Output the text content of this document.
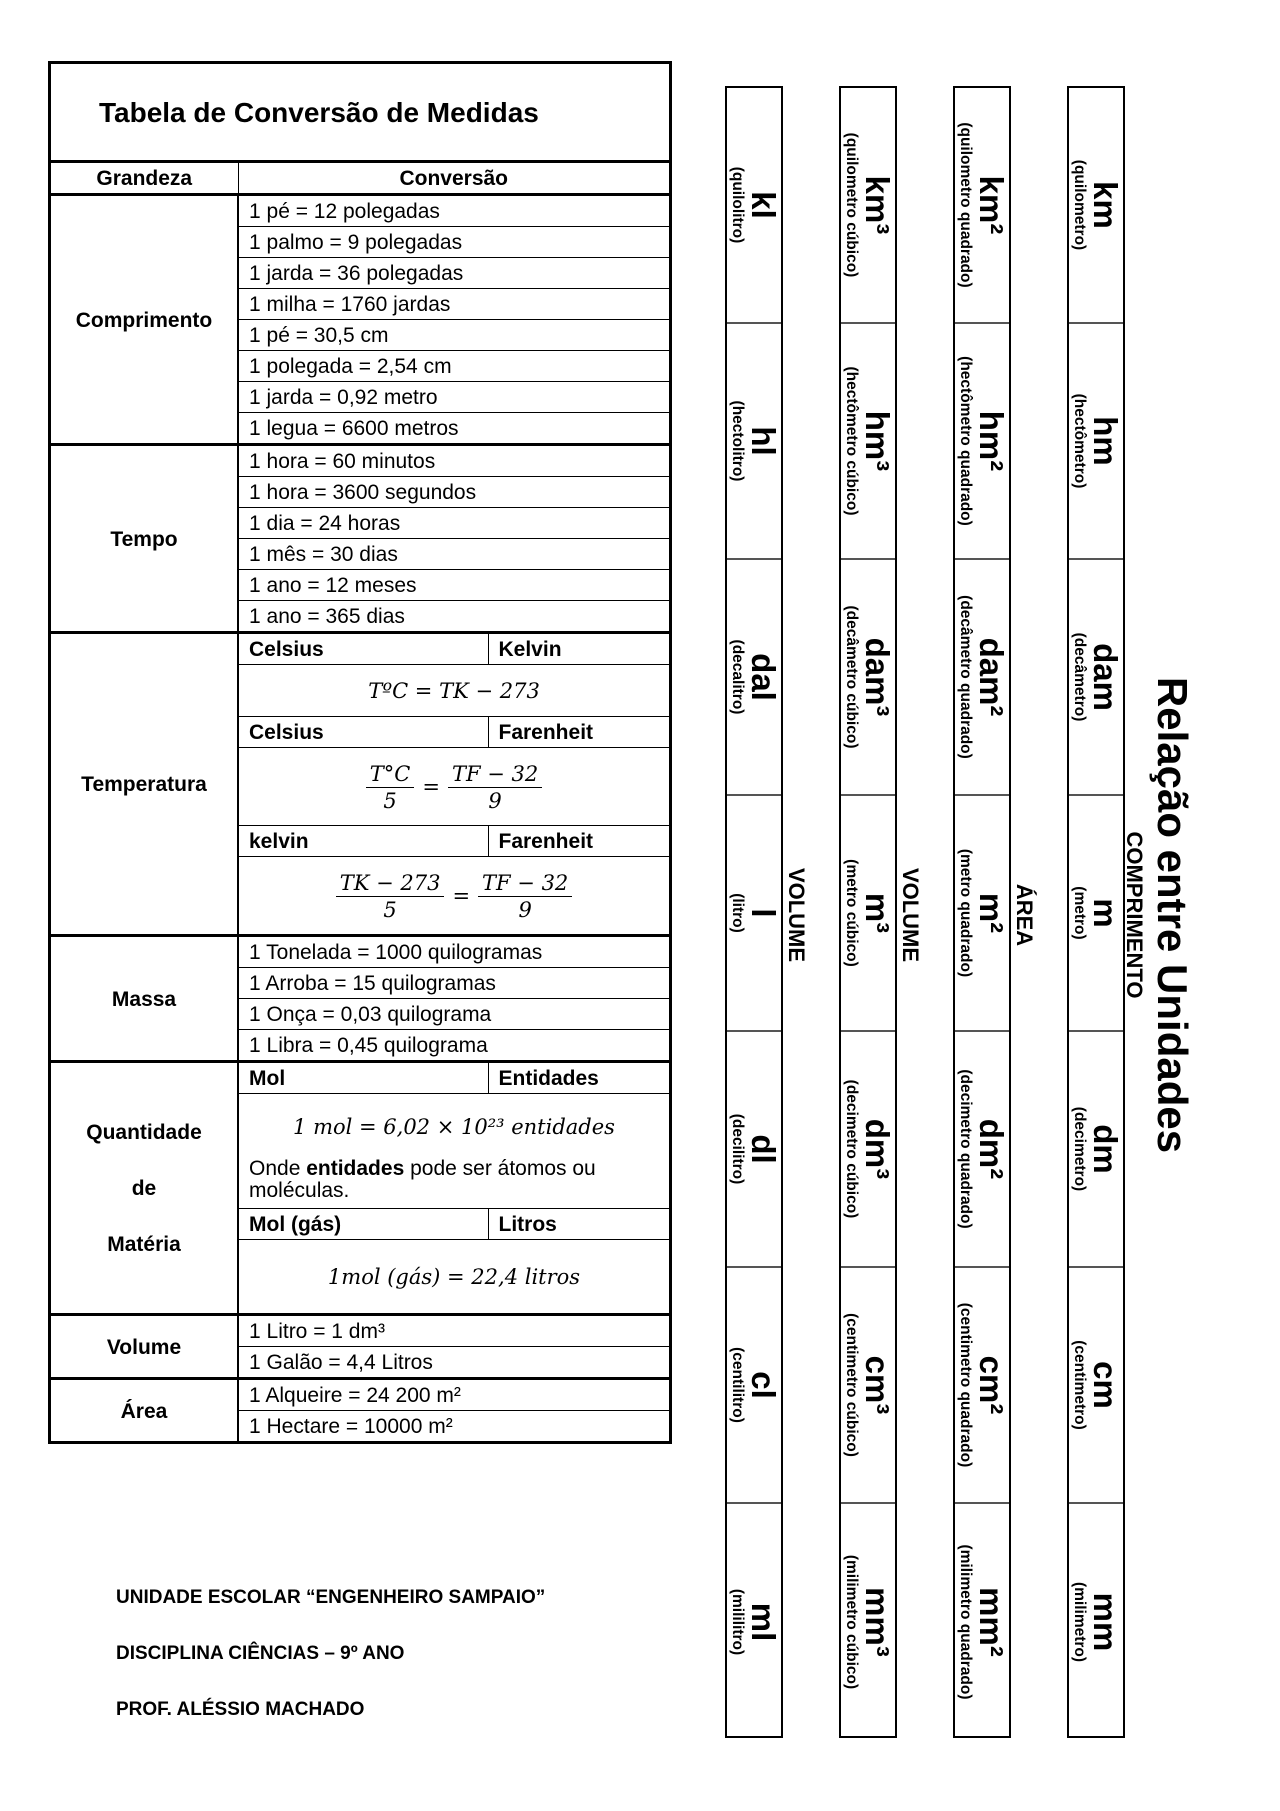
Tabela de Conversão de Medidas		
Grandeza	Conversão	
Comprimento	1 pé = 12 polegadas	
	1 palmo = 9 polegadas	
	1 jarda = 36 polegadas	
	1 milha = 1760 jardas	
	1 pé = 30,5 cm	
	1 polegada = 2,54 cm	
	1 jarda = 0,92 metro	
	1 legua = 6600 metros	
Tempo	1 hora = 60 minutos	
	1 hora = 3600 segundos	
	1 dia = 24 horas	
	1 mês = 30 dias	
	1 ano = 12 meses	
	1 ano = 365 dias	
Temperatura	Celsius	Kelvin
	TºC = TK − 273	
	Celsius	Farenheit

	$\frac{T^\circ C}{5} = \frac{TF - 32}{9}$

	kelvin	Farenheit

	$\frac{TK - 273}{5} = \frac{TF - 32}{9}$

Massa	1 Tonelada = 1000 quilogramas	
	1 Arroba = 15 quilogramas	
	1 Onça = 0,03 quilograma	
	1 Libra = 0,45 quilograma	

Quantidade
de
Matéria	Mol	Entidades
	1 mol = 6,02 × 10²³ entidades	
	Onde entidades pode ser átomos ou moléculas.	
	Mol (gás)	Litros
	1mol (gás) = 22,4 litros	
Volume	1 Litro = 1 dm³	
	1 Galão = 4,4 Litros	
Área	1 Alqueire = 24 200 m²	
	1 Hectare = 10000 m²	
UNIDADE ESCOLAR “ENGENHEIRO SAMPAIO”
DISCIPLINA CIÊNCIAS – 9º ANO
PROF. ALÉSSIO MACHADO
Relação entre Unidades
km
(quilometro)
hm
(hectômetro)
dam
(decâmetro)
m
(metro)
dm
(decimetro)
cm
(centimetro)
mm
(milimetro)
COMPRIMENTO
km²
(quilometro quadrado)
hm²
(hectômetro quadrado)
dam²
(decâmetro quadrado)
m²
(metro quadrado)
dm²
(decimetro quadrado)
cm²
(centimetro quadrado)
mm²
(milimetro quadrado)
ÁREA
km³
(quilometro cúbico)
hm³
(hectômetro cúbico)
dam³
(decâmetro cúbico)
m³
(metro cúbico)
dm³
(decimetro cúbico)
cm³
(centimetro cúbico)
mm³
(milimetro cúbico)
VOLUME
kl
(quilolitro)
hl
(hectolitro)
dal
(decalitro)
l
(litro)
dl
(decilitro)
cl
(centilitro)
ml
(mililitro)
VOLUME
